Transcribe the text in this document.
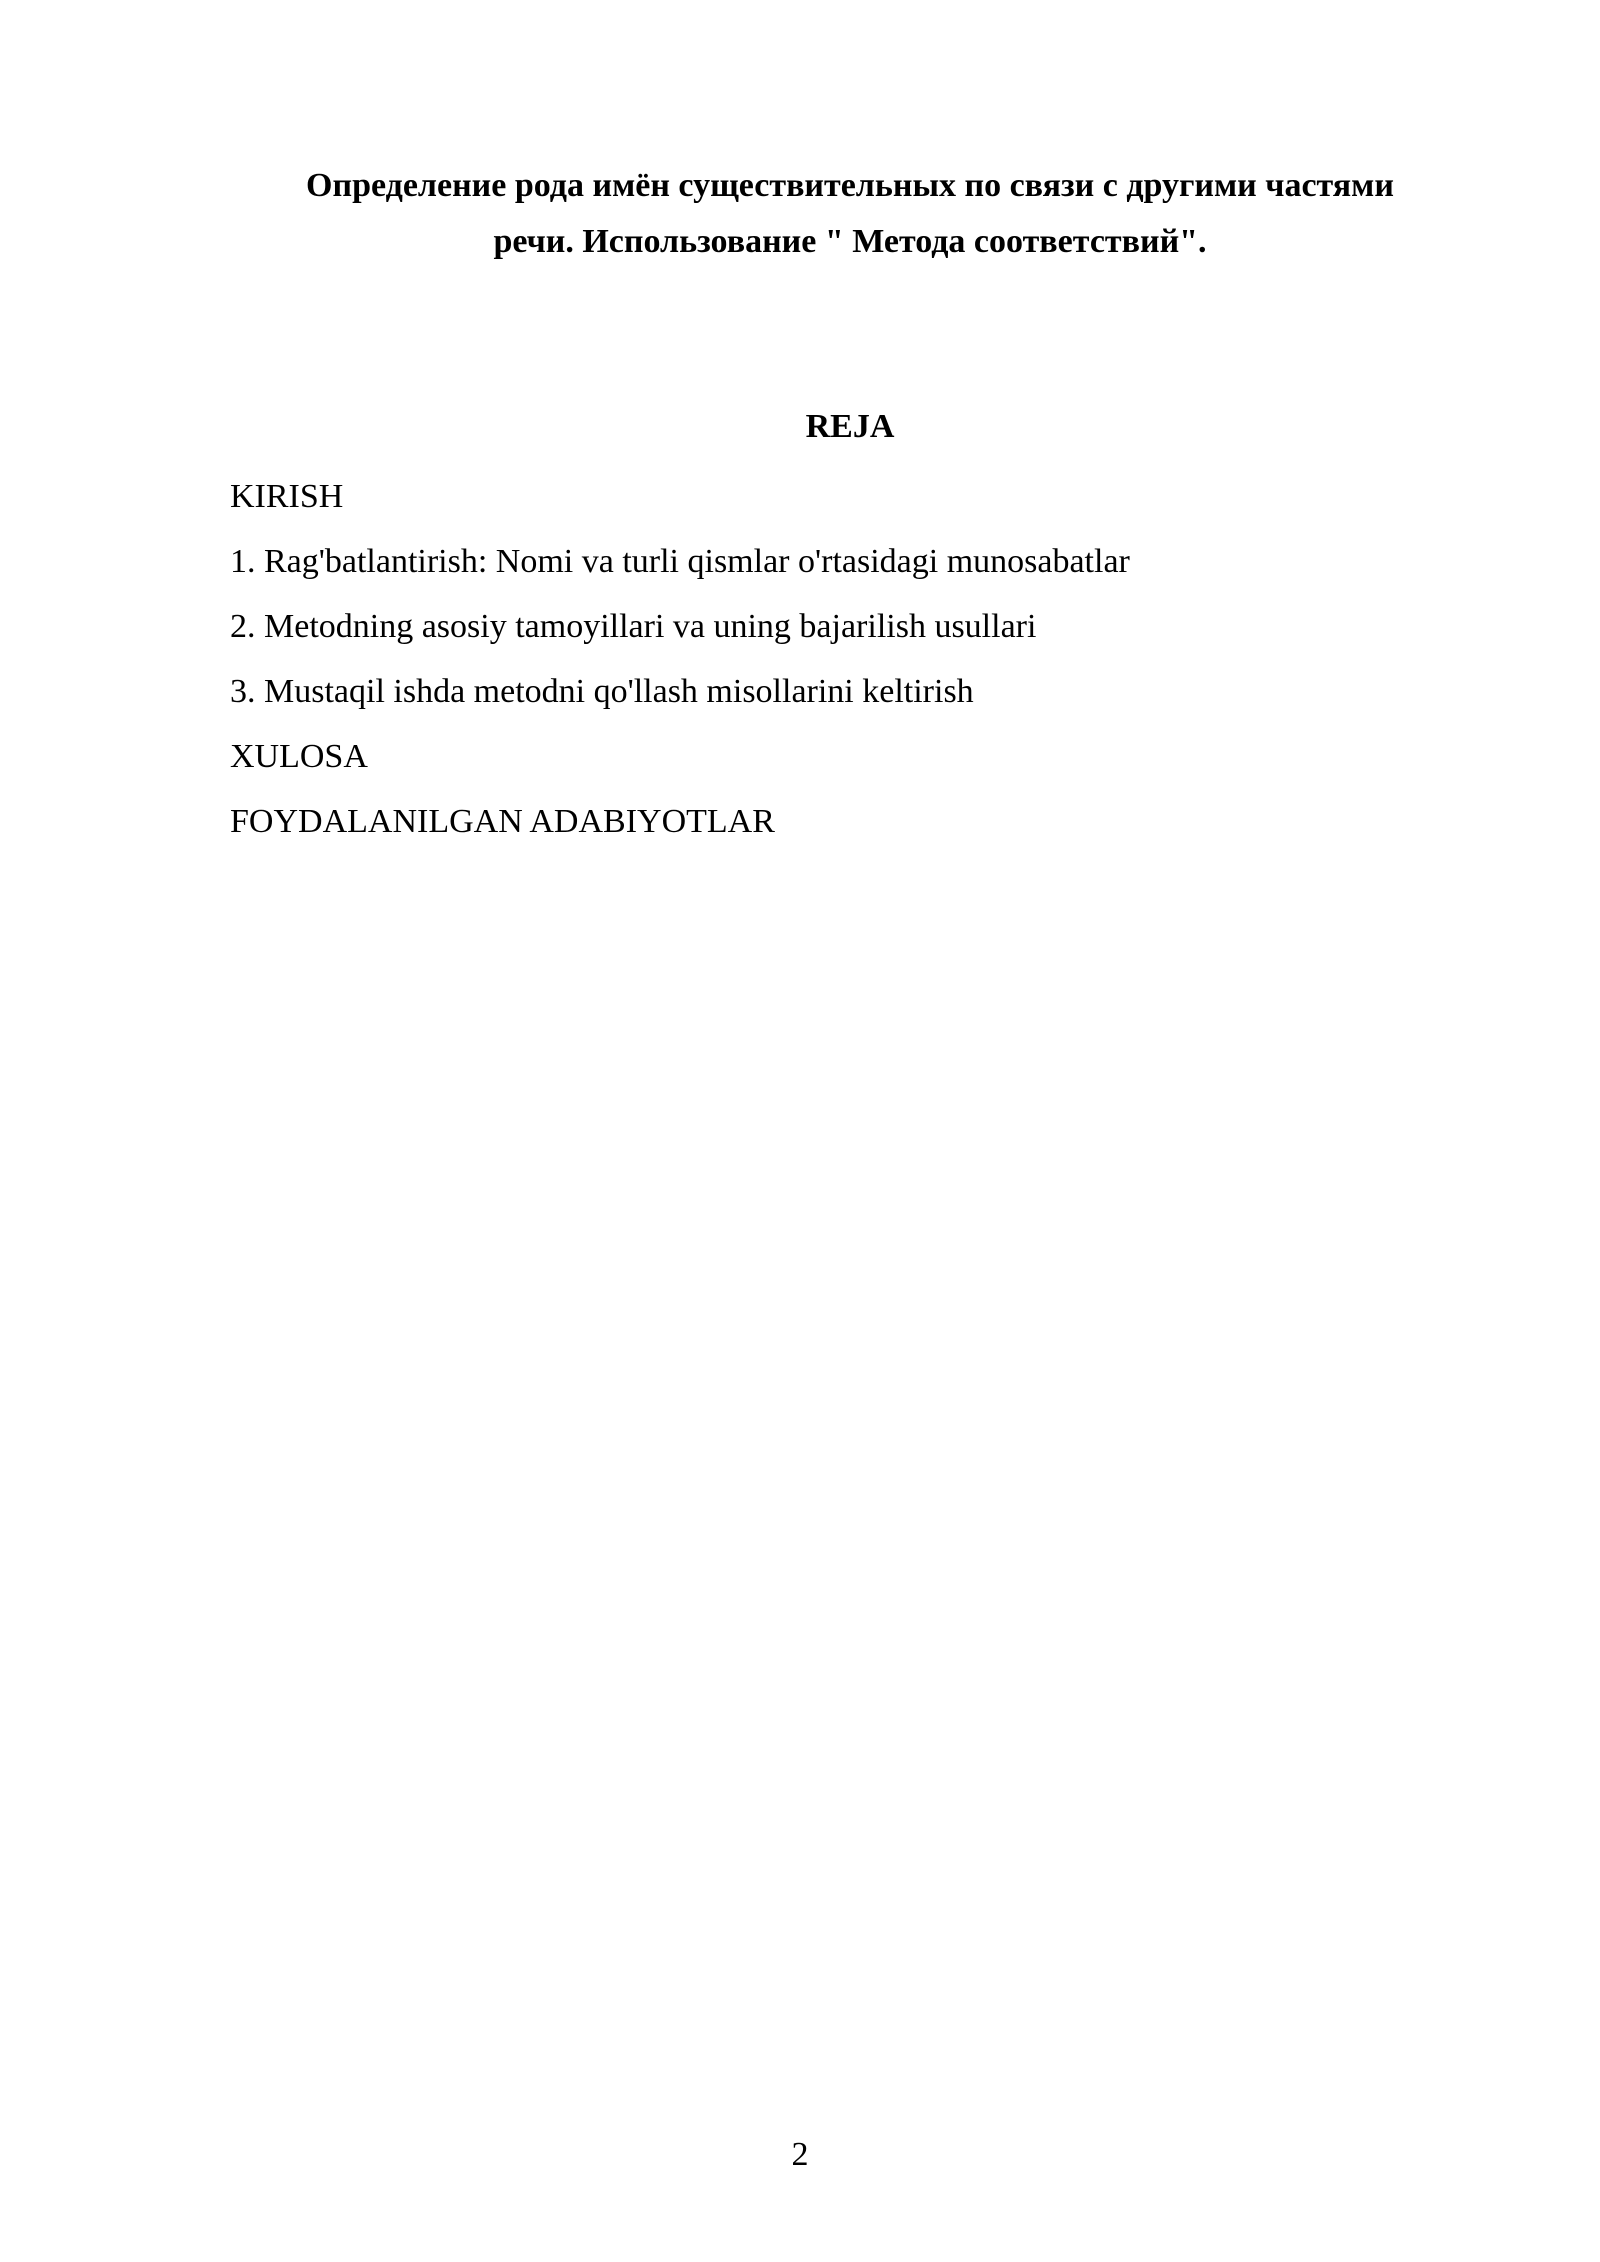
Определение рода имён существительных по связи с другими частями
речи. Использование " Метода соответствий".
REJA
KIRISH
1. Rag'batlantirish: Nomi va turli qismlar o'rtasidagi munosabatlar
2. Metodning asosiy tamoyillari va uning bajarilish usullari
3. Mustaqil ishda metodni qo'llash misollarini keltirish
XULOSA
FOYDALANILGAN ADABIYOTLAR
2
